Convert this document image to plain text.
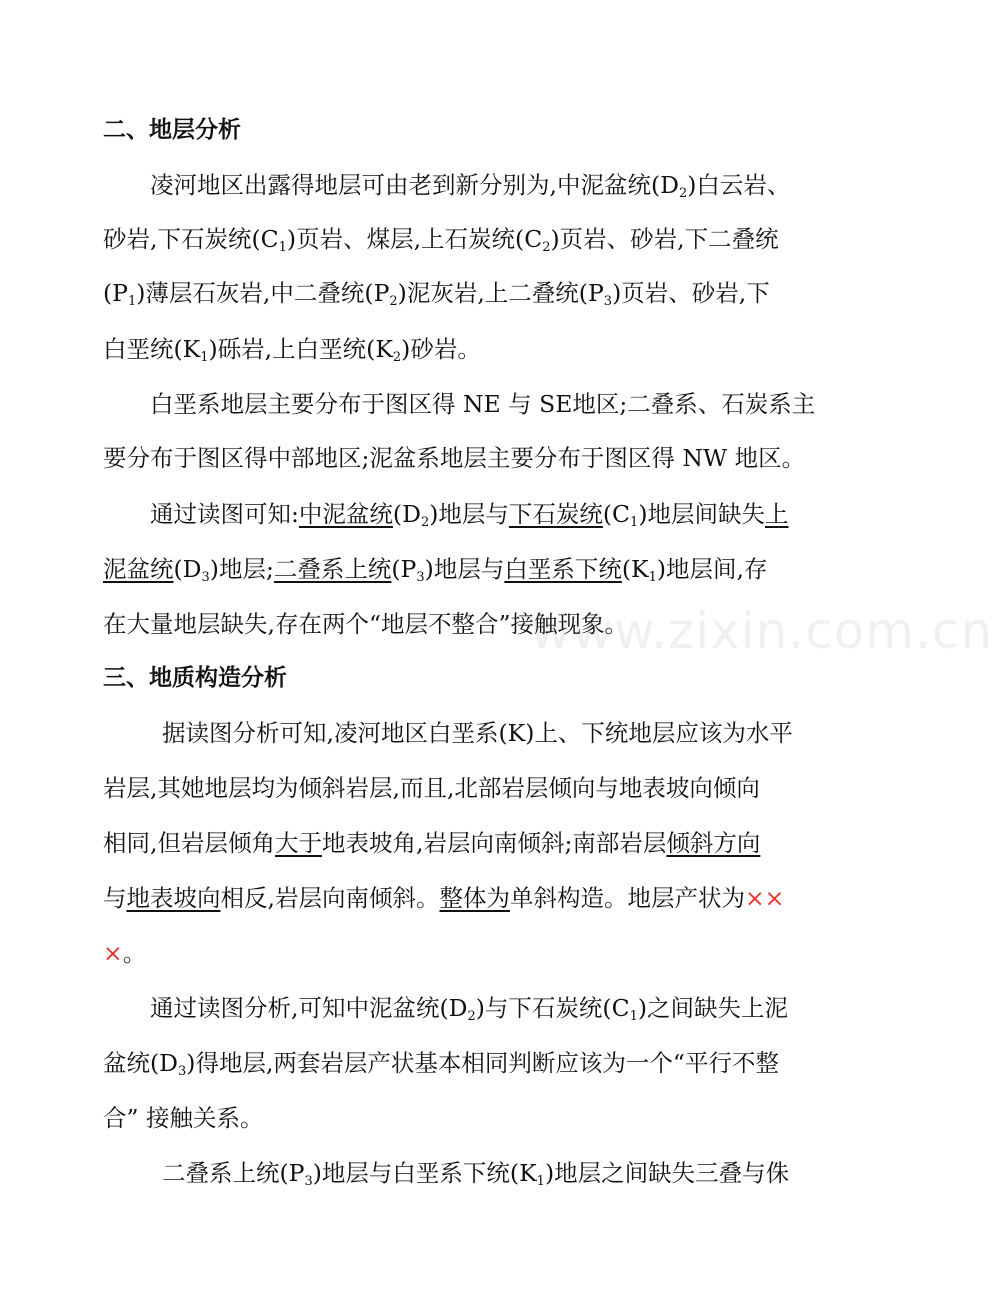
www.zixin.com.cn
二、地层分析
凌河地区出露得地层可由老到新分别为,中泥盆统$(D_2)$白云岩、
砂岩,下石炭统$(C_1)$页岩、煤层,上石炭统$(C_2)$页岩、砂岩,下二叠统
$(P_1)$薄层石灰岩,中二叠统$(P_2)$泥灰岩,上二叠统$(P_3)$页岩、砂岩,下
白垩统$(K_1)$砾岩,上白垩统$(K_2)$砂岩。
白垩系地层主要分布于图区得 NE 与 SE地区;二叠系、石炭系主
要分布于图区得中部地区;泥盆系地层主要分布于图区得 NW 地区。
通过读图可知:中泥盆统$(D_2)$地层与下石炭统$(C_1)$地层间缺失上
泥盆统$(D_3)$地层;二叠系上统$(P_3)$地层与白垩系下统$(K_1)$地层间,存
在大量地层缺失,存在两个“地层不整合”接触现象。
三、地质构造分析
据读图分析可知,凌河地区白垩系(K)上、下统地层应该为水平
岩层,其她地层均为倾斜岩层,而且,北部岩层倾向与地表坡向倾向
相同,但岩层倾角大于地表坡角,岩层向南倾斜;南部岩层倾斜方向
与地表坡向相反,岩层向南倾斜。整体为单斜构造。地层产状为××
×。
通过读图分析,可知中泥盆统$(D_2)$与下石炭统$(C_1)$之间缺失上泥
盆统$(D_3)$得地层,两套岩层产状基本相同判断应该为一个“平行不整
合” 接触关系。
二叠系上统$(P_3)$地层与白垩系下统$(K_1)$地层之间缺失三叠与侏
